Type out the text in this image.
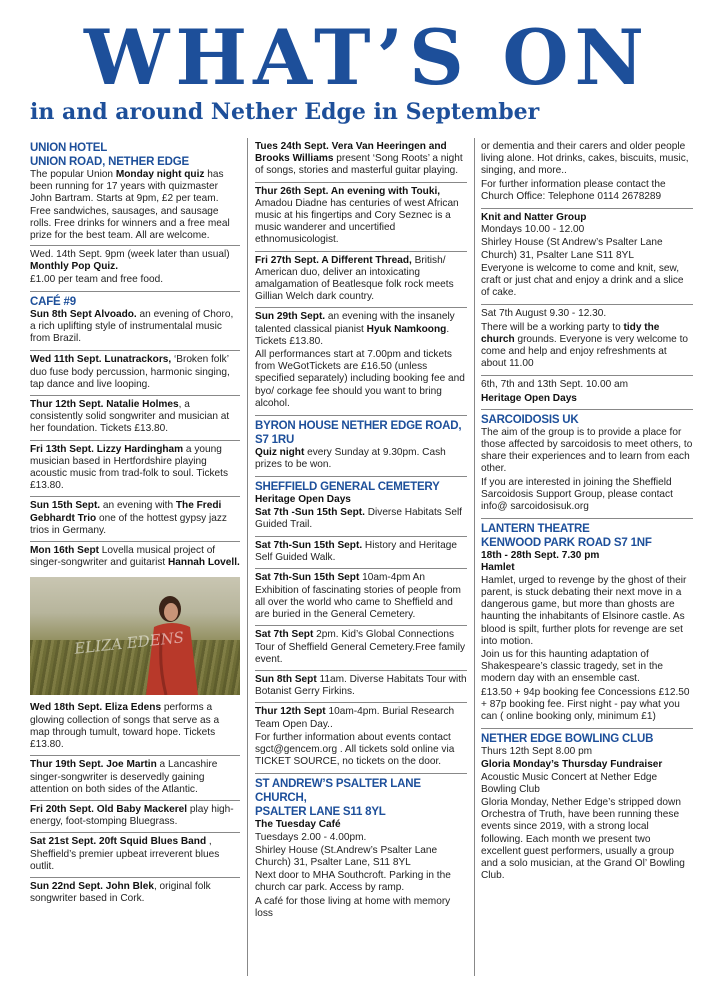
WHAT’S ON
in and around Nether Edge in September
UNION HOTEL
UNION ROAD, NETHER EDGE

The popular Union Monday night quiz has been running for 17 years with quizmaster John Bartram. Starts at 9pm, £2 per team. Free sandwiches, sausages, and sausage rolls. Free drinks for winners and a free meal prize for the best team. All are welcome.

Wed. 14th Sept. 9pm (week later than usual)
Monthly Pop Quiz.
£1.00 per team and free food.

CAFÉ #9

Sun 8th Sept Alvoado. an evening of Choro, a rich uplifting style of instrumentalal music from Brazil.

Wed 11th Sept. Lunatrackors, ‘Broken folk’ duo fuse body percussion, harmonic singing, tap dance and live looping.
Thur 12th Sept. Natalie Holmes, a consistently solid songwriter and musician at her foundation. Tickets £13.80.
Fri 13th Sept. Lizzy Hardingham a young musician based in Hertfordshire playing acoustic music from trad-folk to soul. Tickets £13.80.
Sun 15th Sept. an evening with The Fredi Gebhardt Trio one of the hottest gypsy jazz trios in Germany.
Mon 16th Sept Lovella musical project of singer-songwriter and guitarist Hannah Lovell.
ELIZA EDENS
Wed 18th Sept. Eliza Edens performs a glowing collection of songs that serve as a map through tumult, toward hope. Tickets £13.80.
Thur 19th Sept. Joe Martin a Lancashire singer-songwriter is deservedly gaining attention on both sides of the Atlantic.
Fri 20th Sept. Old Baby Mackerel play high-energy, foot-stomping Bluegrass.
Sat 21st Sept. 20ft Squid Blues Band , Sheffield’s premier upbeat irreverent blues outlit.
Sun 22nd Sept. John Blek, original folk songwriter based in Cork.
Tues 24th Sept. Vera Van Heeringen and Brooks Williams present ‘Song Roots’ a night of songs, stories and masterful guitar playing.
Thur 26th Sept. An evening with Touki, Amadou Diadne has centuries of west African music at his fingertips and Cory Seznec is a music wanderer and uncertified ethnomusicologist.
Fri 27th Sept. A Different Thread, British/ American duo, deliver an intoxicating amalgamation of Beatlesque folk rock meets Gillian Welch dark country.

Sun 29th Sept. an evening with the insanely talented classical pianist Hyuk Namkoong. Tickets £13.80.

All performances start at 7.00pm and tickets from WeGotTickets are £16.50 (unless specified separately) including booking fee and byo/ corkage fee should you want to bring alcohol.

BYRON HOUSE NETHER EDGE ROAD, S7 1RU

Quiz night every Sunday at 9.30pm. Cash prizes to be won.

SHEFFIELD GENERAL CEMETERY
Heritage Open Days

Sat 7th -Sun 15th Sept. Diverse Habitats Self Guided Trail.

Sat 7th-Sun 15th Sept. History and Heritage Self Guided Walk.
Sat 7th-Sun 15th Sept 10am-4pm An Exhibition of fascinating stories of people from all over the world who came to Sheffield and are buried in the General Cemetery.
Sat 7th Sept 2pm. Kid’s Global Connections Tour of Sheffield General Cemetery.Free family event.
Sun 8th Sept 11am. Diverse Habitats Tour with Botanist Gerry Firkins.

Thur 12th Sept 10am-4pm. Burial Research Team Open Day..

For further information about events contact sgct@gencem.org . All tickets sold online via TICKET SOURCE, no tickets on the door.

ST ANDREW’S PSALTER LANE CHURCH,
PSALTER LANE S11 8YL
The Tuesday Café

Tuesdays 2.00 - 4.00pm.

Shirley House (St.Andrew’s Psalter Lane Church) 31, Psalter Lane, S11 8YL

Next door to MHA Southcroft. Parking in the church car park. Access by ramp.

A café for those living at home with memory loss

or dementia and their carers and older people living alone. Hot drinks, cakes, biscuits, music, singing, and more..

For further information please contact the Church Office: Telephone 0114 2678289

Knit and Natter Group

Mondays 10.00 - 12.00

Shirley House (St Andrew’s Psalter Lane Church) 31, Psalter Lane S11 8YL

Everyone is welcome to come and knit, sew, craft or just chat and enjoy a drink and a slice of cake.

Sat 7th August 9.30 - 12.30.

There will be a working party to tidy the church grounds. Everyone is very welcome to come and help and enjoy refreshments at about 11.00

6th, 7th and 13th Sept. 10.00 am

Heritage Open Days
SARCOIDOSIS UK

The aim of the group is to provide a place for those affected by sarcoidosis to meet others, to share their experiences and to learn from each other.

If you are interested in joining the Sheffield Sarcoidosis Support Group, please contact info@ sarcoidosisuk.org

LANTERN THEATRE
KENWOOD PARK ROAD S7 1NF
18th - 28th Sept. 7.30 pm
Hamlet

Hamlet, urged to revenge by the ghost of their parent, is stuck debating their next move in a dangerous game, but more than ghosts are haunting the inhabitants of Elsinore castle. As blood is spilt, further plots for revenge are set into motion.

Join us for this haunting adaptation of Shakespeare’s classic tragedy, set in the modern day with an ensemble cast.

£13.50 + 94p booking fee Concessions £12.50 + 87p booking fee. First night - pay what you can ( online booking only, minimum £1)

NETHER EDGE BOWLING CLUB

Thurs 12th Sept 8.00 pm

Gloria Monday’s Thursday Fundraiser

Acoustic Music Concert at Nether Edge Bowling Club

Gloria Monday, Nether Edge’s stripped down Orchestra of Truth, have been running these events since 2019, with a strong local following. Each month we present two excellent guest performers, usually a group and a solo musician, at the Grand Ol’ Bowling Club.
